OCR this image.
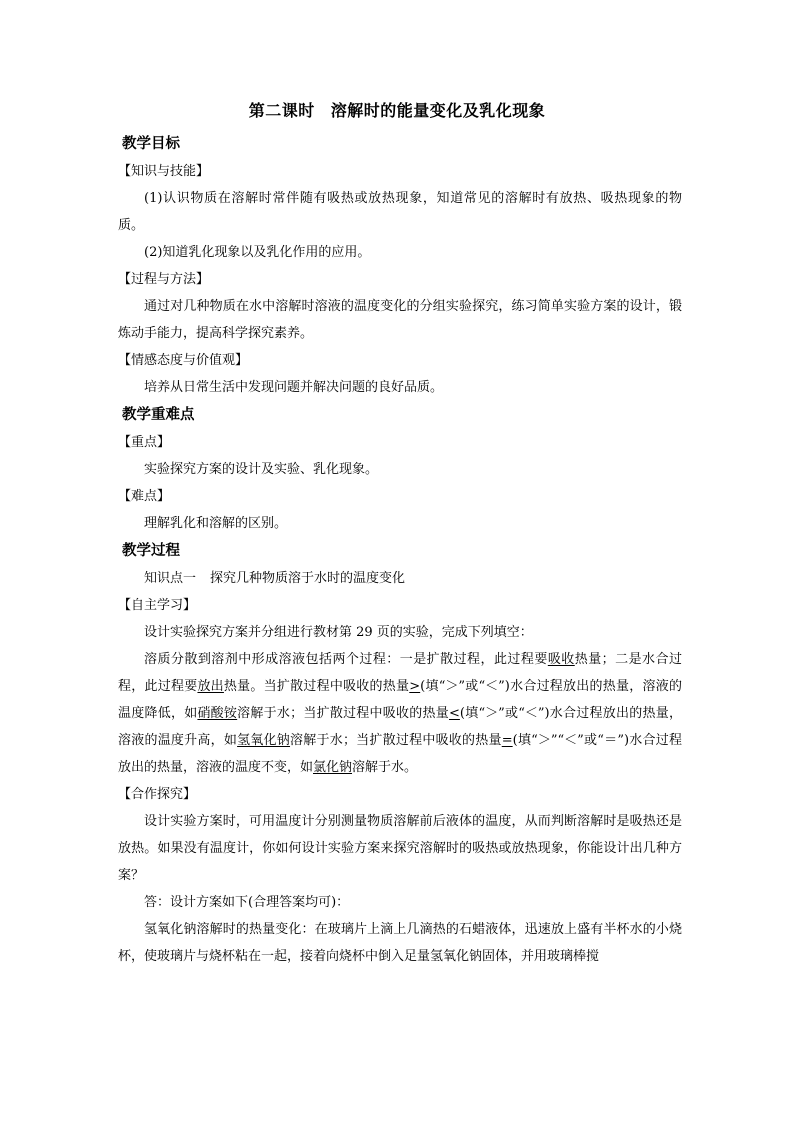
第二课时 溶解时的能量变化及乳化现象
教学目标
【知识与技能】

(1)认识物质在溶解时常伴随有吸热或放热现象，知道常见的溶解时有放热、吸热现象的物质。

(2)知道乳化现象以及乳化作用的应用。

【过程与方法】

通过对几种物质在水中溶解时溶液的温度变化的分组实验探究，练习简单实验方案的设计，锻炼动手能力，提高科学探究素养。

【情感态度与价值观】

培养从日常生活中发现问题并解决问题的良好品质。

教学重难点
【重点】

实验探究方案的设计及实验、乳化现象。

【难点】

理解乳化和溶解的区别。

教学过程

知识点一 探究几种物质溶于水时的温度变化

【自主学习】

设计实验探究方案并分组进行教材第 29 页的实验，完成下列填空：

溶质分散到溶剂中形成溶液包括两个过程：一是扩散过程，此过程要吸收热量；二是水合过程，此过程要放出热量。当扩散过程中吸收的热量>(填“＞”或“＜”)水合过程放出的热量，溶液的温度降低，如硝酸铵溶解于水；当扩散过程中吸收的热量<(填“＞”或“＜”)水合过程放出的热量，溶液的温度升高，如氢氧化钠溶解于水；当扩散过程中吸收的热量=(填“＞”“＜”或“＝”)水合过程放出的热量，溶液的温度不变，如氯化钠溶解于水。

【合作探究】

设计实验方案时，可用温度计分别测量物质溶解前后液体的温度，从而判断溶解时是吸热还是放热。如果没有温度计，你如何设计实验方案来探究溶解时的吸热或放热现象，你能设计出几种方案？

答：设计方案如下(合理答案均可)：

氢氧化钠溶解时的热量变化：在玻璃片上滴上几滴热的石蜡液体，迅速放上盛有半杯水的小烧杯，使玻璃片与烧杯粘在一起，接着向烧杯中倒入足量氢氧化钠固体，并用玻璃棒搅
